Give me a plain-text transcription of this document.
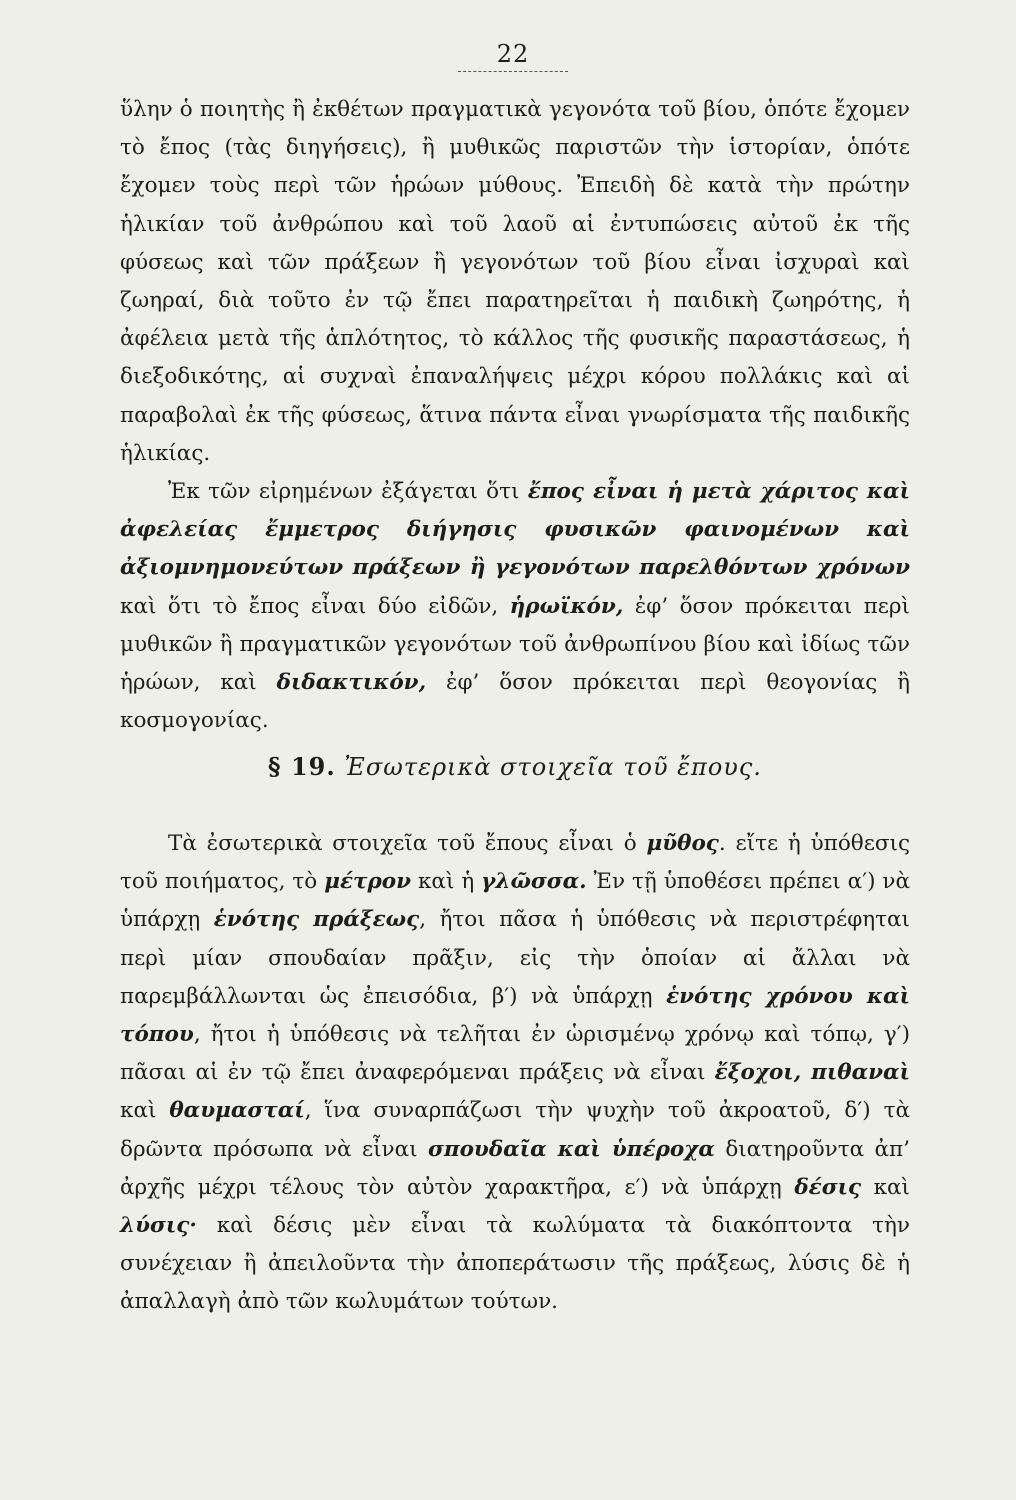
22

ὕλην ὁ ποιητὴς ἢ ἐκθέτων πραγματικὰ γεγονότα τοῦ βίου, ὁπότε ἔχομεν τὸ ἔπος (τὰς διηγήσεις), ἢ μυθικῶς παριστῶν τὴν ἱστορίαν, ὁπότε ἔχομεν τοὺς περὶ τῶν ἡρώων μύθους. Ἐπειδὴ δὲ κατὰ τὴν πρώτην ἡλικίαν τοῦ ἀνθρώπου καὶ τοῦ λαοῦ αἱ ἐντυπώσεις αὐτοῦ ἐκ τῆς φύσεως καὶ τῶν πράξεων ἢ γεγονότων τοῦ βίου εἶναι ἰσχυραὶ καὶ ζωηραί, διὰ τοῦτο ἐν τῷ ἔπει παρατηρεῖται ἡ παιδικὴ ζωηρότης, ἡ ἀφέλεια μετὰ τῆς ἁπλότητος, τὸ κάλλος τῆς φυσικῆς παραστάσεως, ἡ διεξοδικότης, αἱ συχναὶ ἐπαναλήψεις μέχρι κόρου πολλάκις καὶ αἱ παραβολαὶ ἐκ τῆς φύσεως, ἅτινα πάντα εἶναι γνωρίσματα τῆς παιδικῆς ἡλικίας.

Ἐκ τῶν εἰρημένων ἐξάγεται ὅτι ἔπος εἶναι ἡ μετὰ χάριτος καὶ ἀφελείας ἔμμετρος διήγησις φυσικῶν φαινομένων καὶ ἀξιομνημονεύτων πράξεων ἢ γεγονότων παρελθόντων χρόνων καὶ ὅτι τὸ ἔπος εἶναι δύο εἰδῶν, ἡρωϊκόν, ἐφ’ ὅσον πρόκειται περὶ μυθικῶν ἢ πραγματικῶν γεγονότων τοῦ ἀνθρωπίνου βίου καὶ ἰδίως τῶν ἡρώων, καὶ διδακτικόν, ἐφ’ ὅσον πρόκειται περὶ θεογονίας ἢ κοσμογονίας.

§ 19. Ἐσωτερικὰ στοιχεῖα τοῦ ἔπους.

Τὰ ἐσωτερικὰ στοιχεῖα τοῦ ἔπους εἶναι ὁ μῦθος. εἴτε ἡ ὑπόθεσις τοῦ ποιήματος, τὸ μέτρον καὶ ἡ γλῶσσα. Ἐν τῇ ὑποθέσει πρέπει α′) νὰ ὑπάρχῃ ἑνότης πράξεως, ἤτοι πᾶσα ἡ ὑπόθεσις νὰ περιστρέφηται περὶ μίαν σπουδαίαν πρᾶξιν, εἰς τὴν ὁποίαν αἱ ἄλλαι νὰ παρεμβάλλωνται ὡς ἐπεισόδια, β′) νὰ ὑπάρχῃ ἑνότης χρόνου καὶ τόπου, ἤτοι ἡ ὑπόθεσις νὰ τελῆται ἐν ὡρισμένῳ χρόνῳ καὶ τόπῳ, γ′) πᾶσαι αἱ ἐν τῷ ἔπει ἀναφερόμεναι πράξεις νὰ εἶναι ἔξοχοι, πιθαναὶ καὶ θαυμασταί, ἵνα συναρπάζωσι τὴν ψυχὴν τοῦ ἀκροατοῦ, δ′) τὰ δρῶντα πρόσωπα νὰ εἶναι σπουδαῖα καὶ ὑπέροχα διατηροῦντα ἀπ’ ἀρχῆς μέχρι τέλους τὸν αὐτὸν χαρακτῆρα, ε′) νὰ ὑπάρχῃ δέσις καὶ λύσις· καὶ δέσις μὲν εἶναι τὰ κωλύματα τὰ διακόπτοντα τὴν συνέχειαν ἢ ἀπειλοῦντα τὴν ἀποπεράτωσιν τῆς πράξεως, λύσις δὲ ἡ ἀπαλλαγὴ ἀπὸ τῶν κωλυμάτων τούτων.
